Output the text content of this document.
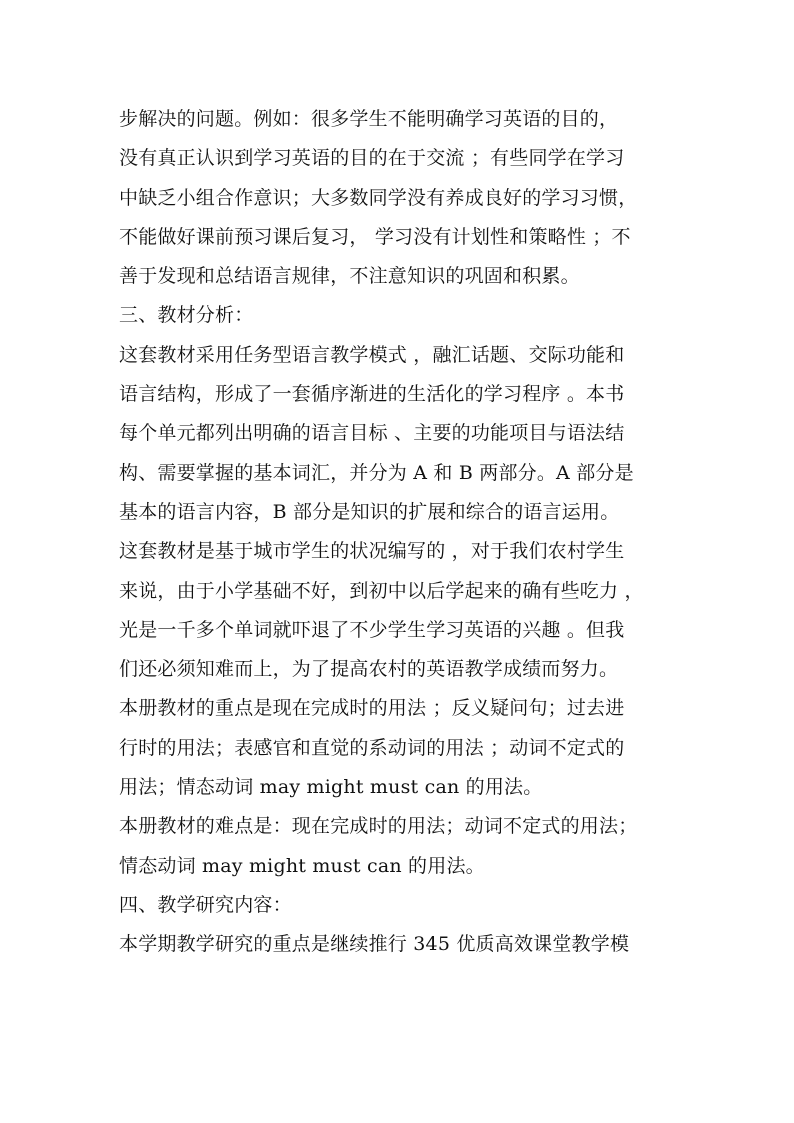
步解决的问题。例如：很多学生不能明确学习英语的目的，
没有真正认识到学习英语的目的在于交流 ；有些同学在学习
中缺乏小组合作意识；大多数同学没有养成良好的学习习惯，
不能做好课前预习课后复习， 学习没有计划性和策略性 ；不
善于发现和总结语言规律，不注意知识的巩固和积累。
三、教材分析：
这套教材采用任务型语言教学模式 ，融汇话题、交际功能和
语言结构，形成了一套循序渐进的生活化的学习程序 。本书
每个单元都列出明确的语言目标 、主要的功能项目与语法结
构、需要掌握的基本词汇，并分为 A 和 B 两部分。A 部分是
基本的语言内容，B 部分是知识的扩展和综合的语言运用。
这套教材是基于城市学生的状况编写的 ，对于我们农村学生
来说，由于小学基础不好，到初中以后学起来的确有些吃力 ，
光是一千多个单词就吓退了不少学生学习英语的兴趣 。但我
们还必须知难而上，为了提高农村的英语教学成绩而努力。
本册教材的重点是现在完成时的用法 ；反义疑问句；过去进
行时的用法；表感官和直觉的系动词的用法 ；动词不定式的
用法；情态动词 may might must can 的用法。
本册教材的难点是：现在完成时的用法；动词不定式的用法；
情态动词 may might must can 的用法。
四、教学研究内容：
本学期教学研究的重点是继续推行 345 优质高效课堂教学模
